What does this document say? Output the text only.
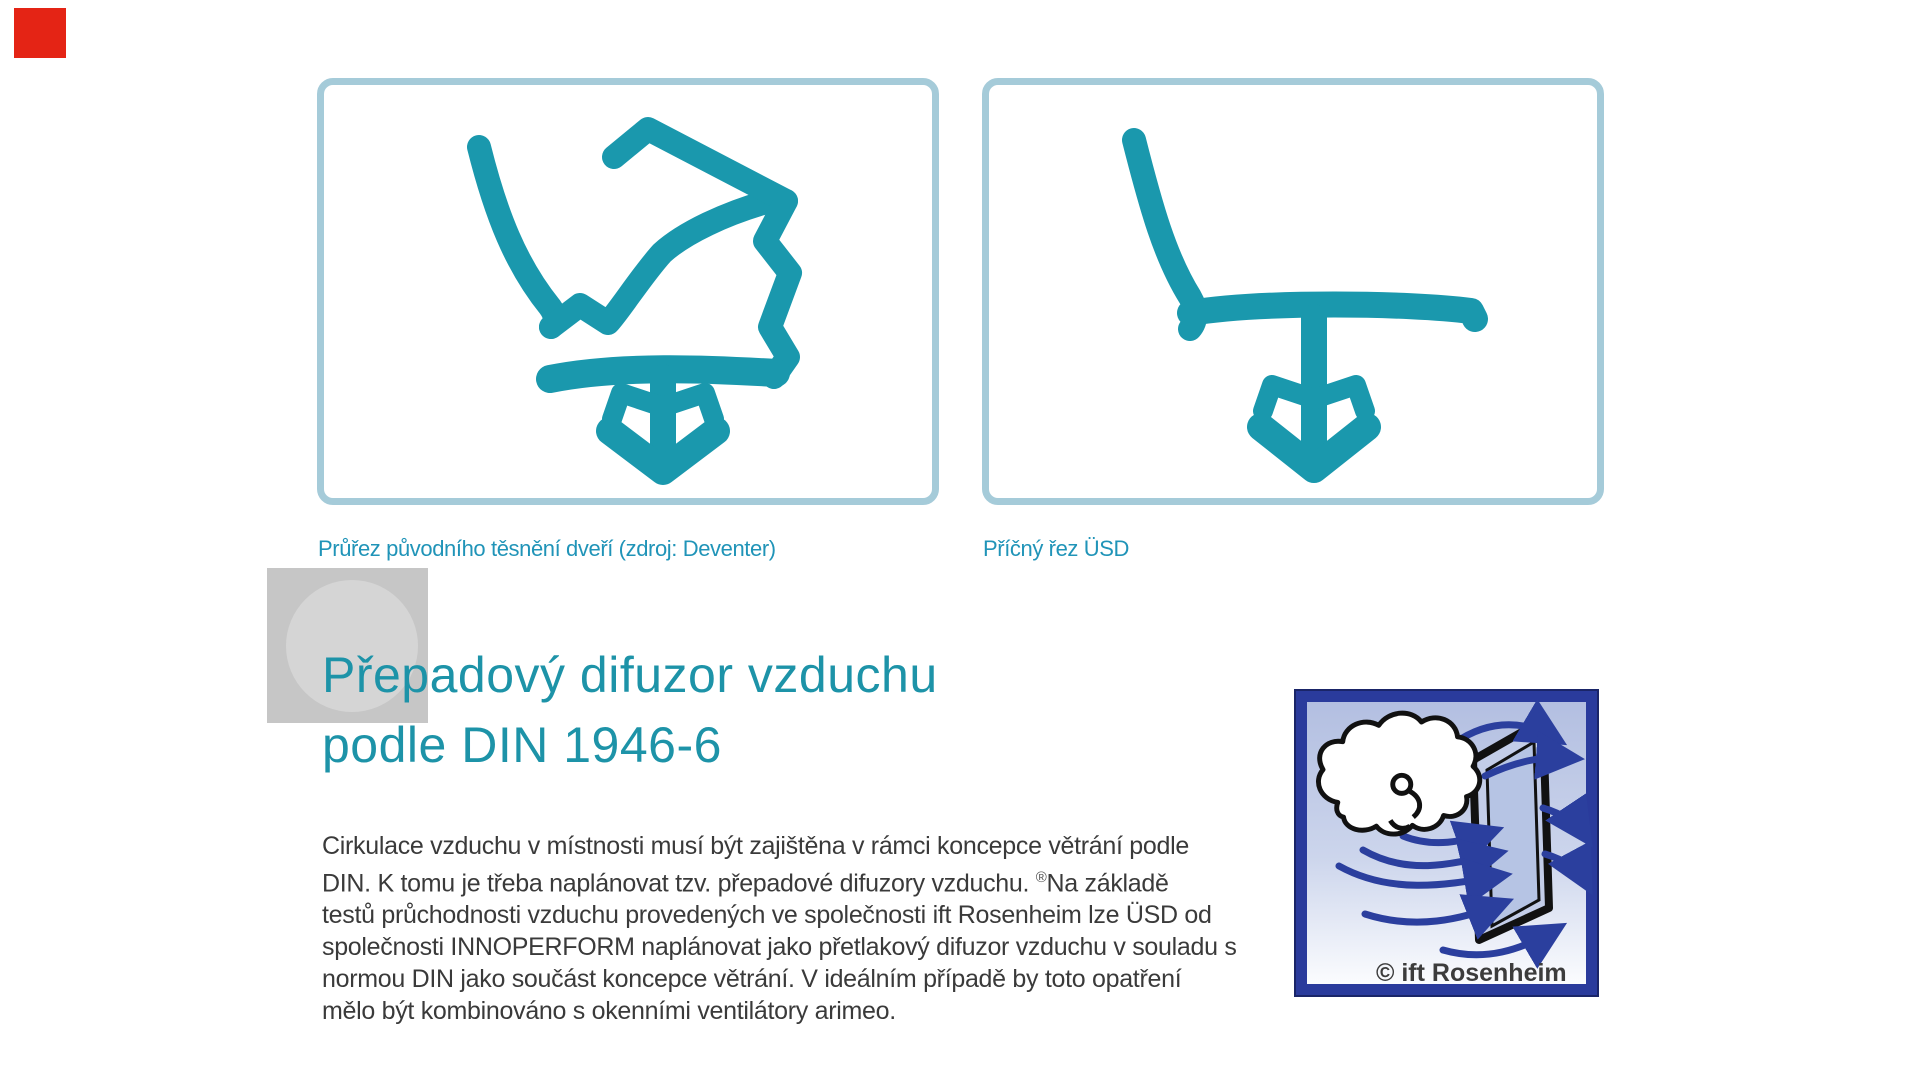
Průřez původního těsnění dveří (zdroj: Deventer)	Příčný řez ÜSD
Přepadový difuzor vzduchu
podle DIN 1946-6
Cirkulace vzduchu v místnosti musí být zajištěna v rámci koncepce větrání podle
DIN. K tomu je třeba naplánovat tzv. přepadové difuzory vzduchu. ®Na základě
testů průchodnosti vzduchu provedených ve společnosti ift Rosenheim lze ÜSD od
společnosti INNOPERFORM naplánovat jako přetlakový difuzor vzduchu v souladu s
normou DIN jako součást koncepce větrání. V ideálním případě by toto opatření
mělo být kombinováno s okenními ventilátory arimeo.
© ift Rosenheim
